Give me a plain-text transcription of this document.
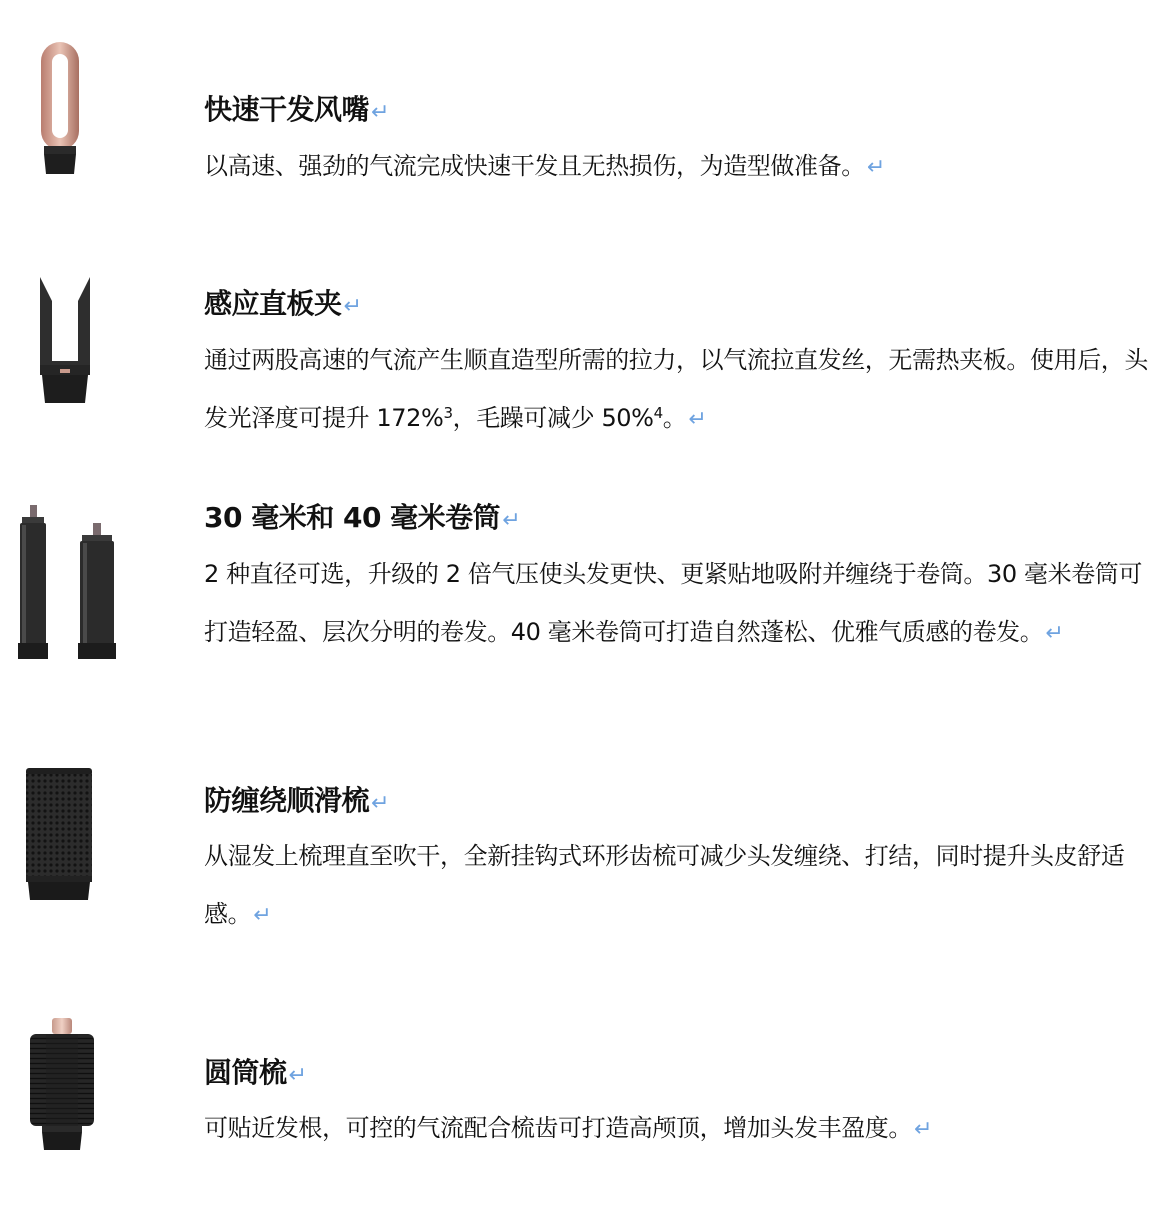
快速干发风嘴↵

以高速、强劲的气流完成快速干发且无热损伤，为造型做准备。↵

感应直板夹↵

通过两股高速的气流产生顺直造型所需的拉力，以气流拉直发丝，无需热夹板。使用后，头发光泽度可提升 172%$^3$，毛躁可减少 50%$^4$。↵

30 毫米和 40 毫米卷筒↵

2 种直径可选，升级的 2 倍气压使头发更快、更紧贴地吸附并缠绕于卷筒。30 毫米卷筒可打造轻盈、层次分明的卷发。40 毫米卷筒可打造自然蓬松、优雅气质感的卷发。↵

防缠绕顺滑梳↵

从湿发上梳理直至吹干，全新挂钩式环形齿梳可减少头发缠绕、打结，同时提升头皮舒适感。↵

圆筒梳↵

可贴近发根，可控的气流配合梳齿可打造高颅顶，增加头发丰盈度。↵
